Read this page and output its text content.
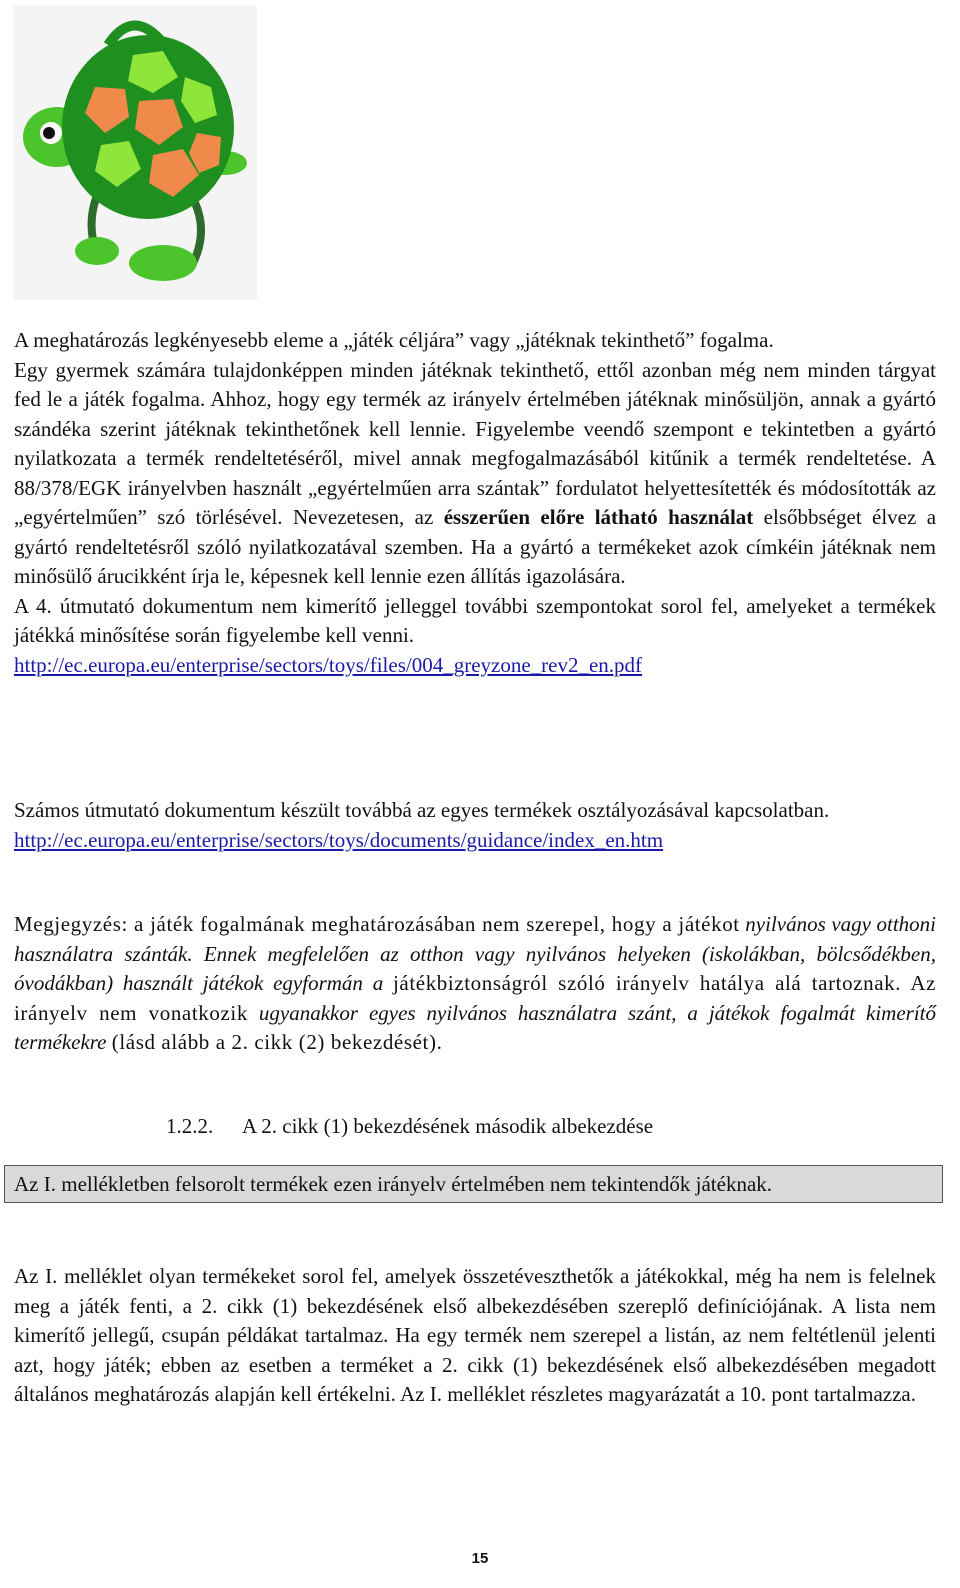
A meghatározás legkényesebb eleme a „játék céljára” vagy „játéknak tekinthető” fogalma.

Egy gyermek számára tulajdonképpen minden játéknak tekinthető, ettől azonban még nem minden tárgyat fed le a játék fogalma. Ahhoz, hogy egy termék az irányelv értelmében játéknak minősüljön, annak a gyártó szándéka szerint játéknak tekinthetőnek kell lennie. Figyelembe veendő szempont e tekintetben a gyártó nyilatkozata a termék rendeltetéséről, mivel annak megfogalmazásából kitűnik a termék rendeltetése. A 88/378/EGK irányelvben használt „egyértelműen arra szántak” fordulatot helyettesítették és módosították az „egyértelműen” szó törlésével. Nevezetesen, az ésszerűen előre látható használat elsőbbséget élvez a gyártó rendeltetésről szóló nyilatkozatával szemben. Ha a gyártó a termékeket azok címkéin játéknak nem minősülő árucikként írja le, képesnek kell lennie ezen állítás igazolására.

A 4. útmutató dokumentum nem kimerítő jelleggel további szempontokat sorol fel, amelyeket a termékek játékká minősítése során figyelembe kell venni.

http://ec.europa.eu/enterprise/sectors/toys/files/004_greyzone_rev2_en.pdf

Számos útmutató dokumentum készült továbbá az egyes termékek osztályozásával kapcsolatban.

http://ec.europa.eu/enterprise/sectors/toys/documents/guidance/index_en.htm

Megjegyzés: a játék fogalmának meghatározásában nem szerepel, hogy a játékot nyilvános vagy otthoni használatra szánták. Ennek megfelelően az otthon vagy nyilvános helyeken (iskolákban, bölcsődékben, óvodákban) használt játékok egyformán a játékbiztonságról szóló irányelv hatálya alá tartoznak. Az irányelv nem vonatkozik ugyanakkor egyes nyilvános használatra szánt, a játékok fogalmát kimerítő termékekre (lásd alább a 2. cikk (2) bekezdését).

1.2.2. A 2. cikk (1) bekezdésének második albekezdése
Az I. mellékletben felsorolt termékek ezen irányelv értelmében nem tekintendők játéknak.

Az I. melléklet olyan termékeket sorol fel, amelyek összetéveszthetők a játékokkal, még ha nem is felelnek meg a játék fenti, a 2. cikk (1) bekezdésének első albekezdésében szereplő definíciójának. A lista nem kimerítő jellegű, csupán példákat tartalmaz. Ha egy termék nem szerepel a listán, az nem feltétlenül jelenti azt, hogy játék; ebben az esetben a terméket a 2. cikk (1) bekezdésének első albekezdésében megadott általános meghatározás alapján kell értékelni. Az I. melléklet részletes magyarázatát a 10. pont tartalmazza.

15
